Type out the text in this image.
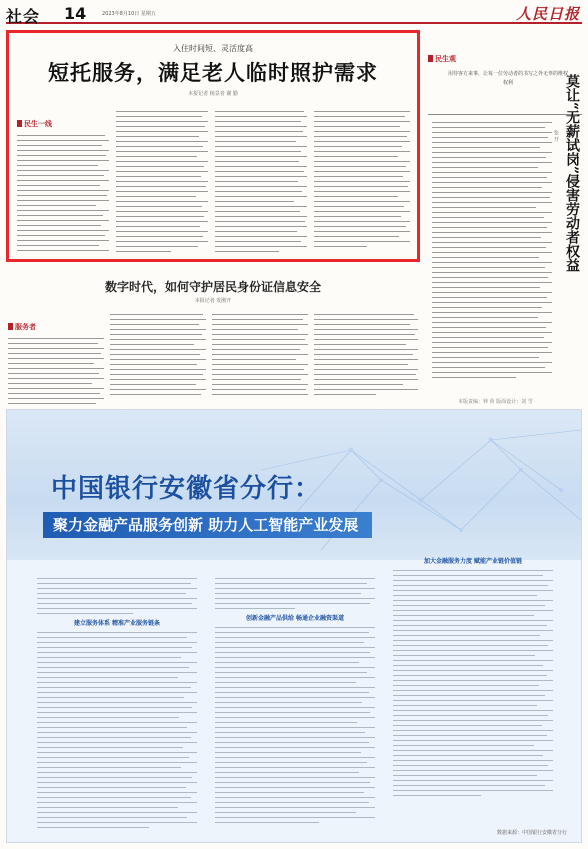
社会 14	2023年8月10日 星期五	人民日报
入住时间短、灵活度高
短托服务，满足老人临时照护需求
本报记者 杨景者 谢 勤
民生一线
数字时代，如何守护居民身份证信息安全
本报记者 发刚开
服务者
民生观
用待客方来事，让每一位劳动者的书写之外无辜的维权权利	莫让“无薪试岗”侵害劳动者权益
张 开
本版责编：钟 荷 版面设计：刘 雪
中国银行安徽省分行：
聚力金融产品服务创新 助力人工智能产业发展
建立服务体系 精准产业服务链条
创新金融产品供给 畅通企业融资渠道
加大金融服务力度 赋能产业链价值链
数据来源：中国银行安徽省分行
